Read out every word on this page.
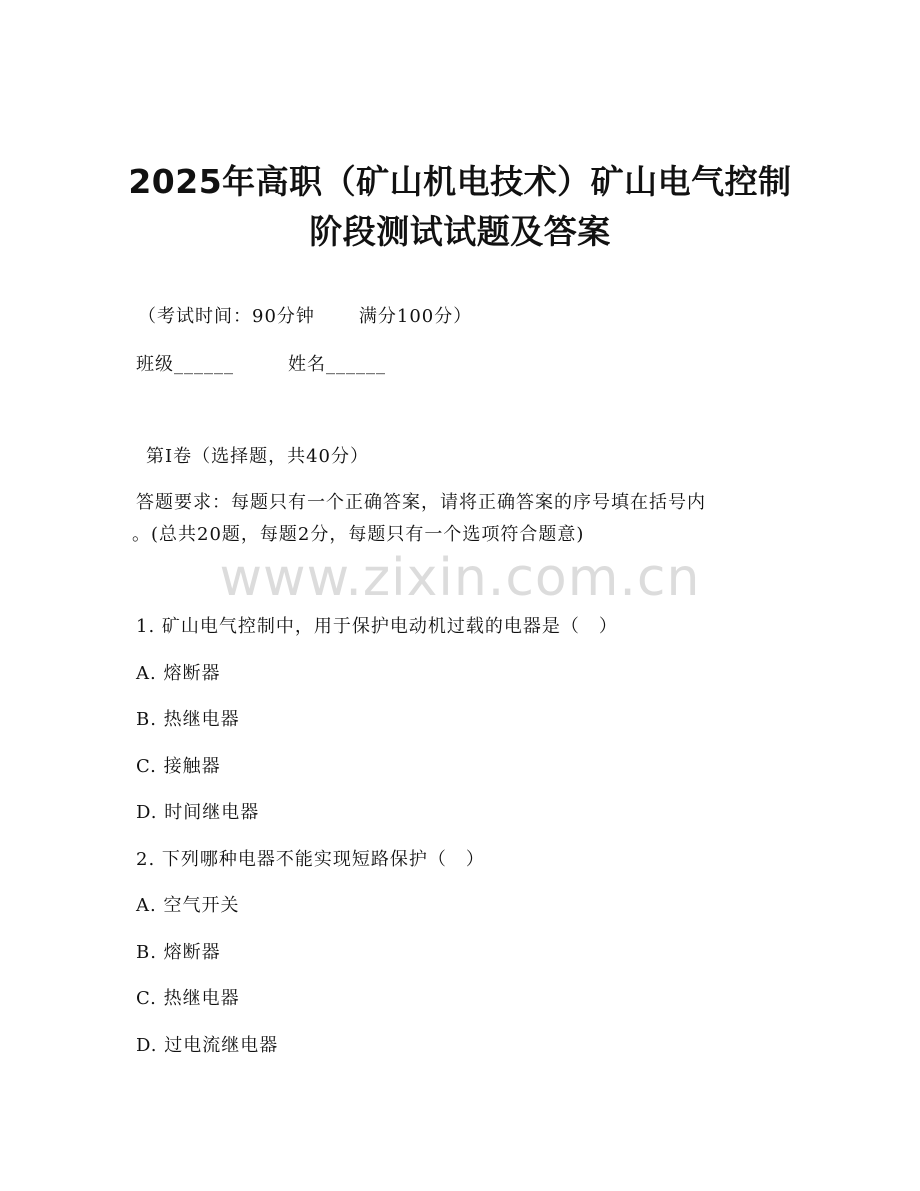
2025年高职（矿山机电技术）矿山电气控制
阶段测试试题及答案
（考试时间：90分钟 满分100分）
班级______	姓名______
第I卷（选择题，共40分）
答题要求：每题只有一个正确答案，请将正确答案的序号填在括号内
。(总共20题，每题2分，每题只有一个选项符合题意)
www.zixin.com.cn
1. 矿山电气控制中，用于保护电动机过载的电器是（　）
A. 熔断器
B. 热继电器
C. 接触器
D. 时间继电器
2. 下列哪种电器不能实现短路保护（　）
A. 空气开关
B. 熔断器
C. 热继电器
D. 过电流继电器
